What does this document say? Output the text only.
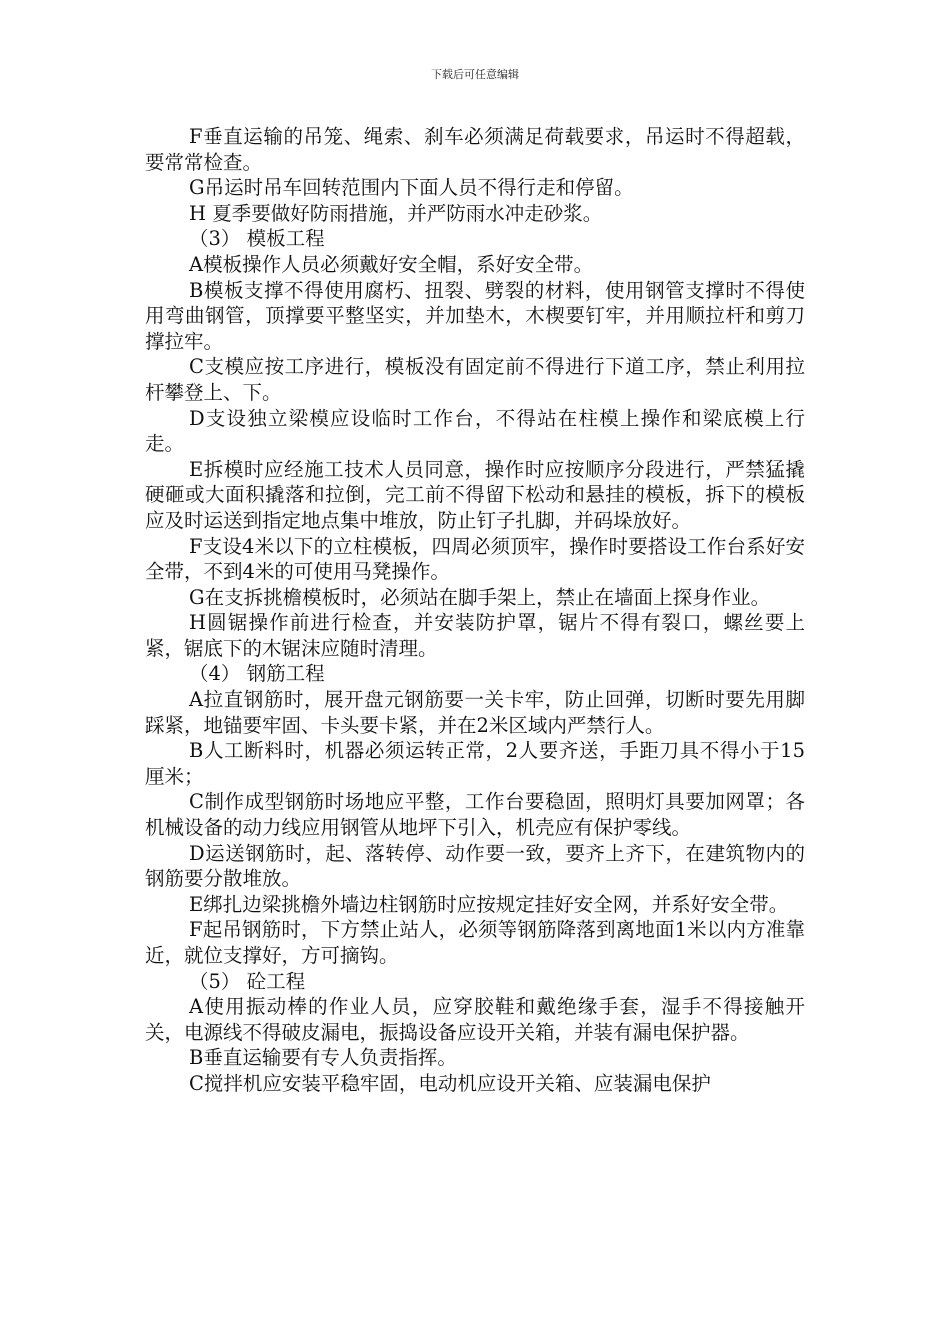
下载后可任意编辑

F垂直运输的吊笼、绳索、刹车必须满足荷载要求，吊运时不得超载，要常常检查。

G吊运时吊车回转范围内下面人员不得行走和停留。

H 夏季要做好防雨措施，并严防雨水冲走砂浆。

（3） 模板工程

A模板操作人员必须戴好安全帽，系好安全带。

B模板支撑不得使用腐朽、扭裂、劈裂的材料，使用钢管支撑时不得使用弯曲钢管，顶撑要平整坚实，并加垫木，木楔要钉牢，并用顺拉杆和剪刀撑拉牢。

C支模应按工序进行，模板没有固定前不得进行下道工序，禁止利用拉杆攀登上、下。

D支设独立梁模应设临时工作台，不得站在柱模上操作和梁底模上行走。

E拆模时应经施工技术人员同意，操作时应按顺序分段进行，严禁猛撬硬砸或大面积撬落和拉倒，完工前不得留下松动和悬挂的模板，拆下的模板应及时运送到指定地点集中堆放，防止钉子扎脚，并码垛放好。

F支设4米以下的立柱模板，四周必须顶牢，操作时要搭设工作台系好安全带，不到4米的可使用马凳操作。

G在支拆挑檐模板时，必须站在脚手架上，禁止在墙面上探身作业。

H圆锯操作前进行检查，并安装防护罩，锯片不得有裂口，螺丝要上紧，锯底下的木锯沫应随时清理。

（4） 钢筋工程

A拉直钢筋时，展开盘元钢筋要一关卡牢，防止回弹，切断时要先用脚踩紧，地锚要牢固、卡头要卡紧，并在2米区域内严禁行人。

B人工断料时，机器必须运转正常，2人要齐送，手距刀具不得小于15厘米；

C制作成型钢筋时场地应平整，工作台要稳固，照明灯具要加网罩；各机械设备的动力线应用钢管从地坪下引入，机壳应有保护零线。

D运送钢筋时，起、落转停、动作要一致，要齐上齐下，在建筑物内的钢筋要分散堆放。

E绑扎边梁挑檐外墙边柱钢筋时应按规定挂好安全网，并系好安全带。

F起吊钢筋时，下方禁止站人，必须等钢筋降落到离地面1米以内方准靠近，就位支撑好，方可摘钩。

（5） 砼工程

A使用振动棒的作业人员，应穿胶鞋和戴绝缘手套，湿手不得接触开关，电源线不得破皮漏电，振捣设备应设开关箱，并装有漏电保护器。

B垂直运输要有专人负责指挥。

C搅拌机应安装平稳牢固，电动机应设开关箱、应装漏电保护
